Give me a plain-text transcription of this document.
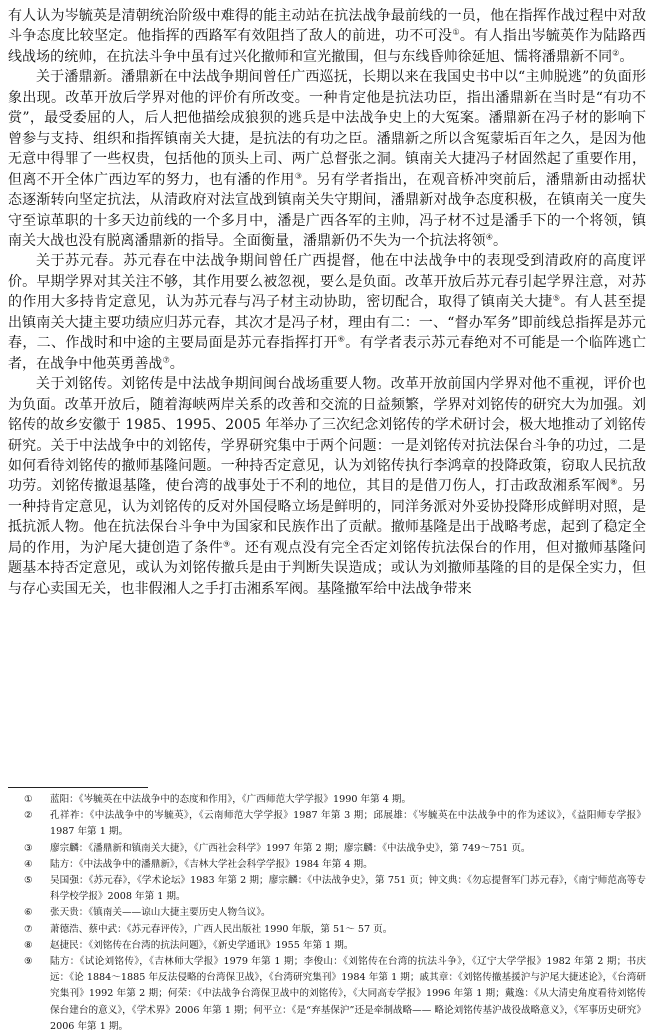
有人认为岑毓英是清朝统治阶级中难得的能主动站在抗法战争最前线的一员，他在指挥作战过程中对敌斗争态度比较坚定。他指挥的西路军有效阻挡了敌人的前进，功不可没①。有人指出岑毓英作为陆路西线战场的统帅，在抗法斗争中虽有过兴化撤师和宣光撤围，但与东线昏帅徐延旭、懦将潘鼎新不同②。

关于潘鼎新。潘鼎新在中法战争期间曾任广西巡抚，长期以来在我国史书中以“主帅脱逃”的负面形象出现。改革开放后学界对他的评价有所改变。一种肯定他是抗法功臣，指出潘鼎新在当时是“有功不赏”，最受委屈的人，后人把他描绘成狼狈的逃兵是中法战争史上的大冤案。潘鼎新在冯子材的影响下曾参与支持、组织和指挥镇南关大捷，是抗法的有功之臣。潘鼎新之所以含冤蒙垢百年之久，是因为他无意中得罪了一些权贵，包括他的顶头上司、两广总督张之洞。镇南关大捷冯子材固然起了重要作用，但离不开全体广西边军的努力，也有潘的作用③。另有学者指出，在观音桥冲突前后，潘鼎新由动摇状态逐渐转向坚定抗法，从清政府对法宣战到镇南关失守期间，潘鼎新对战争态度积极，在镇南关一度失守至谅革职的十多天边前线的一个多月中，潘是广西各军的主帅，冯子材不过是潘手下的一个将领，镇南关大战也没有脱离潘鼎新的指导。全面衡量，潘鼎新仍不失为一个抗法将领④。

关于苏元春。苏元春在中法战争期间曾任广西提督，他在中法战争中的表现受到清政府的高度评价。早期学界对其关注不够，其作用要么被忽视，要么是负面。改革开放后苏元春引起学界注意，对苏的作用大多持肯定意见，认为苏元春与冯子材主动协助，密切配合，取得了镇南关大捷⑤。有人甚至提出镇南关大捷主要功绩应归苏元春，其次才是冯子材，理由有二：一、“督办军务”即前线总指挥是苏元春，二、作战时和中途的主要局面是苏元春指挥打开⑥。有学者表示苏元春绝对不可能是一个临阵逃亡者，在战争中他英勇善战⑦。

关于刘铭传。刘铭传是中法战争期间闽台战场重要人物。改革开放前国内学界对他不重视，评价也为负面。改革开放后，随着海峡两岸关系的改善和交流的日益频繁，学界对刘铭传的研究大为加强。刘铭传的故乡安徽于 1985、1995、2005 年举办了三次纪念刘铭传的学术研讨会，极大地推动了刘铭传研究。关于中法战争中的刘铭传，学界研究集中于两个问题：一是刘铭传对抗法保台斗争的功过，二是如何看待刘铭传的撤师基隆问题。一种持否定意见，认为刘铭传执行李鸿章的投降政策，窃取人民抗敌功劳。刘铭传撤退基隆，使台湾的战事处于不利的地位，其目的是借刀伤人，打击政敌湘系军阀⑧。另一种持肯定意见，认为刘铭传的反对外国侵略立场是鲜明的，同洋务派对外妥协投降形成鲜明对照，是抵抗派人物。他在抗法保台斗争中为国家和民族作出了贡献。撤师基隆是出于战略考虑，起到了稳定全局的作用，为沪尾大捷创造了条件⑨。还有观点没有完全否定刘铭传抗法保台的作用，但对撤师基隆问题基本持否定意见，或认为刘铭传撤兵是由于判断失误造成；或认为刘撤师基隆的目的是保全实力，但与存心卖国无关，也非假湘人之手打击湘系军阀。基隆撤军给中法战争带来

①	蓝阳：《岑毓英在中法战争中的态度和作用》，《广西师范大学学报》1990 年第 4 期。
②	孔祥祚：《中法战争中的岑毓英》，《云南师范大学学报》1987 年第 3 期；邱展雄：《岑毓英在中法战争中的作为述议》，《益阳师专学报》1987 年第 1 期。
③	廖宗麟：《潘鼎新和镇南关大捷》，《广西社会科学》1997 年第 2 期；廖宗麟：《中法战争史》，第 749～751 页。
④	陆方：《中法战争中的潘鼎新》，《吉林大学社会科学学报》1984 年第 4 期。
⑤	吴国强：《苏元春》，《学术论坛》1983 年第 2 期；廖宗麟：《中法战争史》，第 751 页；钟文典：《勿忘提督军门苏元春》，《南宁师范高等专科学校学报》2008 年第 1 期。
⑥	张天贵：《镇南关——谅山大捷主要历史人物刍议》。
⑦	萧德浩、蔡中武：《苏元春评传》，广西人民出版社 1990 年版，第 51～ 57 页。
⑧	赵捷民：《刘铭传在台湾的抗法问题》，《新史学通讯》1955 年第 1 期。
⑨	陆方：《试论刘铭传》，《吉林师大学报》1979 年第 1 期；李俊山：《刘铭传在台湾的抗法斗争》，《辽宁大学学报》1982 年第 2 期；书庆远：《论 1884～1885 年反法侵略的台湾保卫战》，《台湾研究集刊》1984 年第 1 期；戚其章：《刘铭传撤基援沪与沪尾大捷述论》，《台湾研究集刊》1992 年第 2 期；何荣：《中法战争台湾保卫战中的刘铭传》，《大同高专学报》1996 年第 1 期；戴逸：《从大清史角度看待刘铭传保台建台的意义》，《学术界》2006 年第 1 期；何平立：《是“弃基保沪”还是牵制战略—— 略论刘铭传基沪战役战略意义》，《军事历史研究》2006 年第 1 期。
